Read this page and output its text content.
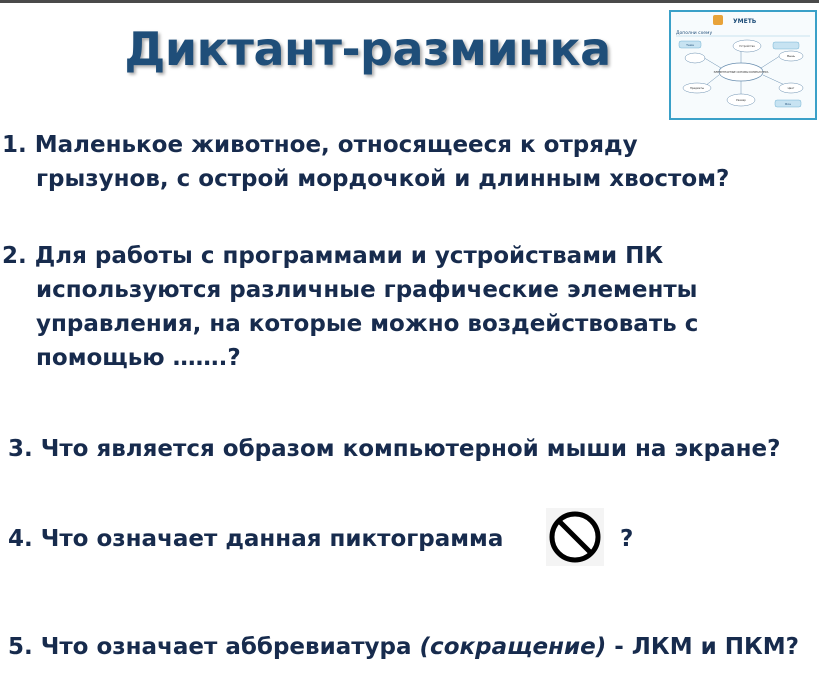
Диктант-разминка
УМЕТЬ
Дополни схему
ЭЛЕМЕНТАРНЫЕ ОСНОВЫ КОМПЬЮТЕРА
Тема	Устройства
Мышь
Предметы	Цвет
Размер
Фон
1. Маленькое животное, относящееся к отряду
грызунов, с острой мордочкой и длинным хвостом?
2. Для работы с программами и устройствами ПК
используются различные графические элементы
управления, на которые можно воздействовать с
помощью …….?
3. Что является образом компьютерной мыши на экране?
4. Что означает данная пиктограмма	?
5. Что означает аббревиатура (сокращение) - ЛКМ и ПКМ?
